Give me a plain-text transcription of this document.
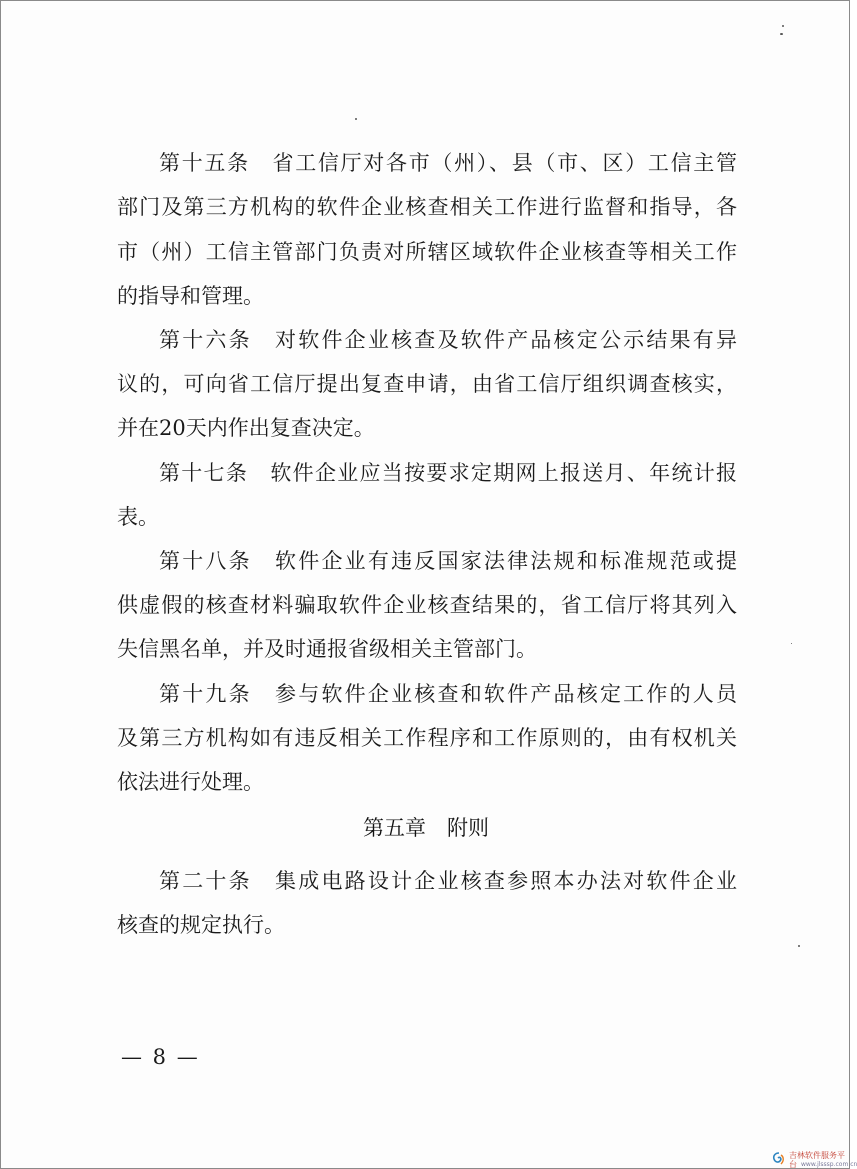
第十五条　省工信厅对各市（州）、县（市、区）工信主管
部门及第三方机构的软件企业核查相关工作进行监督和指导，各
市（州）工信主管部门负责对所辖区域软件企业核查等相关工作
的指导和管理。
第十六条　对软件企业核查及软件产品核定公示结果有异
议的，可向省工信厅提出复查申请，由省工信厅组织调查核实，
并在20天内作出复查决定。
第十七条　软件企业应当按要求定期网上报送月、年统计报
表。
第十八条　软件企业有违反国家法律法规和标准规范或提
供虚假的核查材料骗取软件企业核查结果的，省工信厅将其列入
失信黑名单，并及时通报省级相关主管部门。
第十九条　参与软件企业核查和软件产品核定工作的人员
及第三方机构如有违反相关工作程序和工作原则的，由有权机关
依法进行处理。
第五章　附则
第二十条　集成电路设计企业核查参照本办法对软件企业
核查的规定执行。
— 8 —
吉林软件服务平台 www.jlsssp.com.cn
